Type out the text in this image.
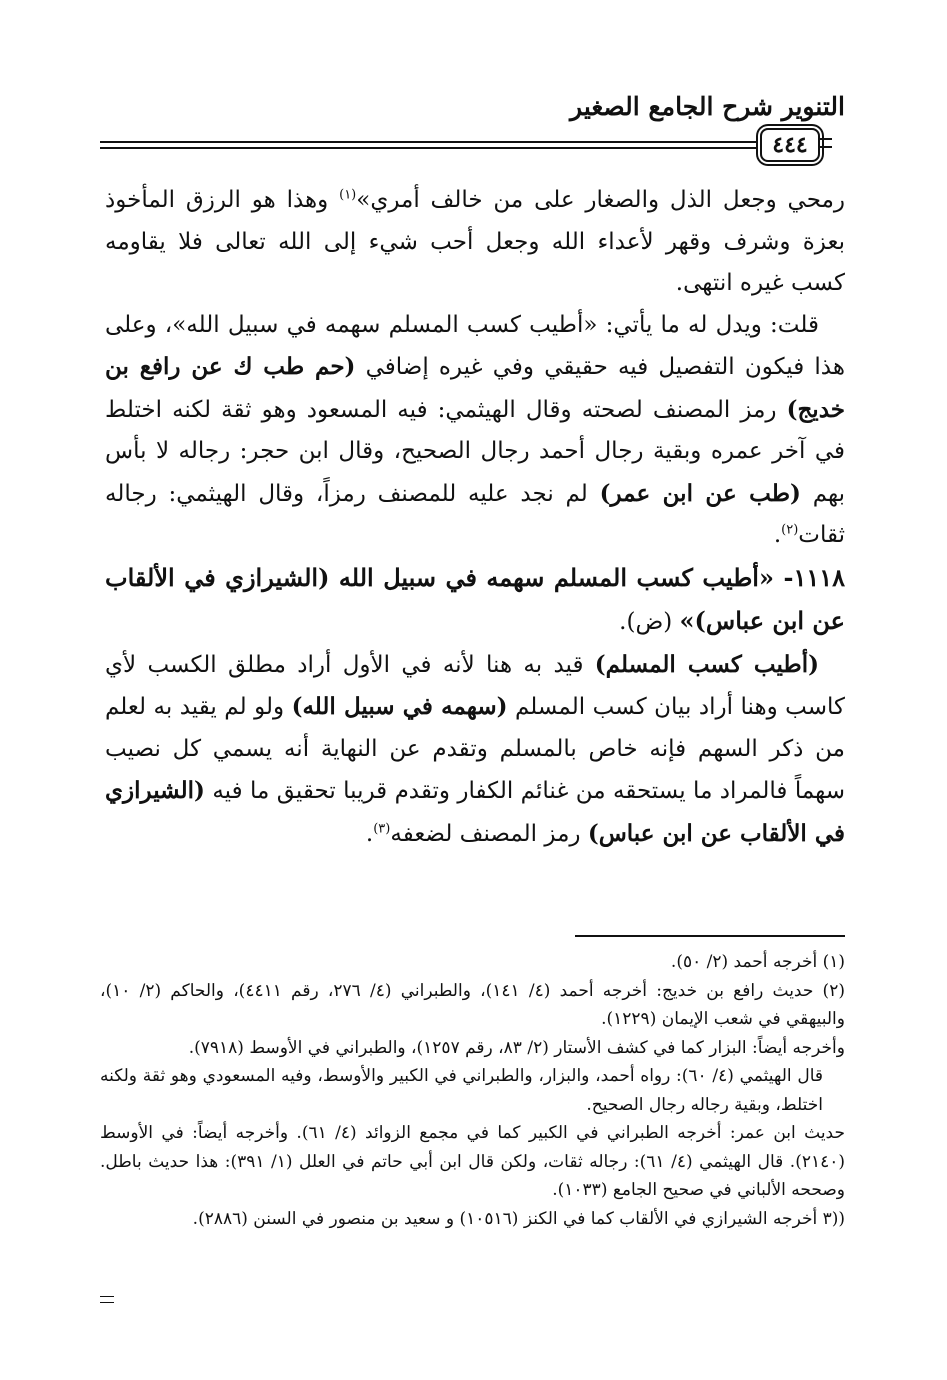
التنوير شرح الجامع الصغير
٤٤٤

رمحي وجعل الذل والصغار على من خالف أمري»$^{(١)}$ وهذا هو الرزق المأخوذ بعزة وشرف وقهر لأعداء الله وجعل أحب شيء إلى الله تعالى فلا يقاومه كسب غيره انتهى.

قلت: ويدل له ما يأتي: «أطيب كسب المسلم سهمه في سبيل الله»، وعلى هذا فيكون التفصيل فيه حقيقي وفي غيره إضافي (حم طب ك عن رافع بن خديج) رمز المصنف لصحته وقال الهيثمي: فيه المسعود وهو ثقة لكنه اختلط في آخر عمره وبقية رجال أحمد رجال الصحيح، وقال ابن حجر: رجاله لا بأس بهم (طب عن ابن عمر) لم نجد عليه للمصنف رمزاً، وقال الهيثمي: رجاله ثقات$^{(٢)}$.

١١١٨- «أطيب كسب المسلم سهمه في سبيل الله (الشيرازي في الألقاب عن ابن عباس)» (ض).

(أطيب كسب المسلم) قيد به هنا لأنه في الأول أراد مطلق الكسب لأي كاسب وهنا أراد بيان كسب المسلم (سهمه في سبيل الله) ولو لم يقيد به لعلم من ذكر السهم فإنه خاص بالمسلم وتقدم عن النهاية أنه يسمي كل نصيب سهماً فالمراد ما يستحقه من غنائم الكفار وتقدم قريبا تحقيق ما فيه (الشيرازي في الألقاب عن ابن عباس) رمز المصنف لضعفه$^{(٣)}$.

(١) أخرجه أحمد (٢/ ٥٠).

(٢) حديث رافع بن خديج: أخرجه أحمد (٤/ ١٤١)، والطبراني (٤/ ٢٧٦، رقم ٤٤١١)، والحاكم (٢/ ١٠)، والبيهقي في شعب الإيمان (١٢٢٩).

وأخرجه أيضاً: البزار كما في كشف الأستار (٢/ ٨٣، رقم ١٢٥٧)، والطبراني في الأوسط (٧٩١٨).

قال الهيثمي (٤/ ٦٠): رواه أحمد، والبزار، والطبراني في الكبير والأوسط، وفيه المسعودي وهو ثقة ولكنه اختلط، وبقية رجاله رجال الصحيح.

حديث ابن عمر: أخرجه الطبراني في الكبير كما في مجمع الزوائد (٤/ ٦١). وأخرجه أيضاً: في الأوسط (٢١٤٠). قال الهيثمي (٤/ ٦١): رجاله ثقات، ولكن قال ابن أبي حاتم في العلل (١/ ٣٩١): هذا حديث باطل. وصححه الألباني في صحيح الجامع (١٠٣٣).

((٣ أخرجه الشيرازي في الألقاب كما في الكنز (١٠٥١٦) و سعيد بن منصور في السنن (٢٨٨٦).
